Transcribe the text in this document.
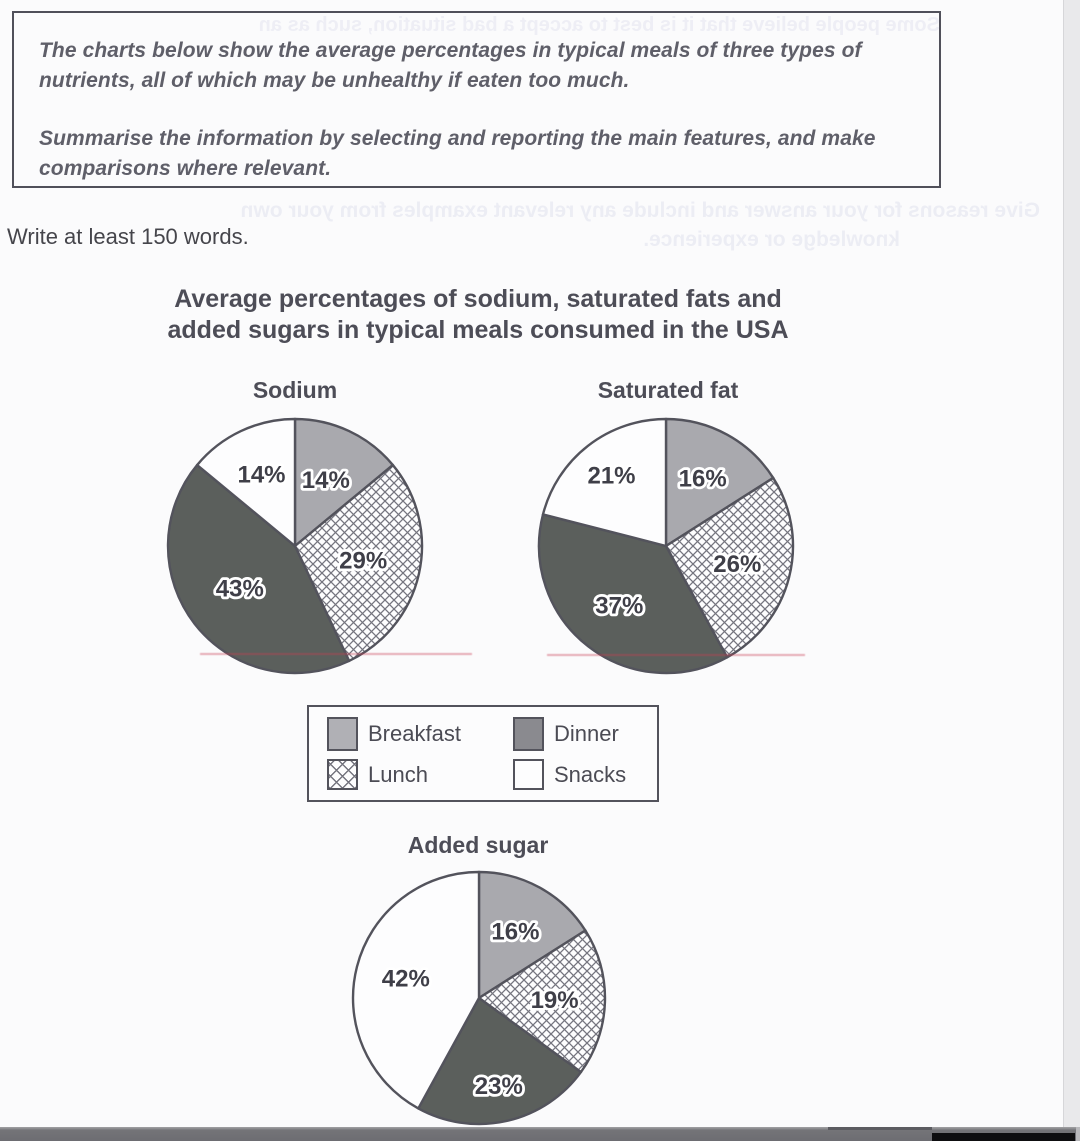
The charts below show the average percentages in typical meals of three types of nutrients, all of which may be unhealthy if eaten too much.

Summarise the information by selecting and reporting the main features, and make comparisons where relevant.

Some people believe that it is best to accept a bad situation, such as an
Give reasons for your answer and include any relevant examples from your own
knowledge or experience.
Write at least 150 words.
Average percentages of sodium, saturated fats and
added sugars in typical meals consumed in the USA
Sodium	Saturated fat
Added sugar
Breakfast	Dinner
Lunch	Snacks
14%
29%
43%
14%	16%
26%
37%
21%
16%
19%
23%
42%
